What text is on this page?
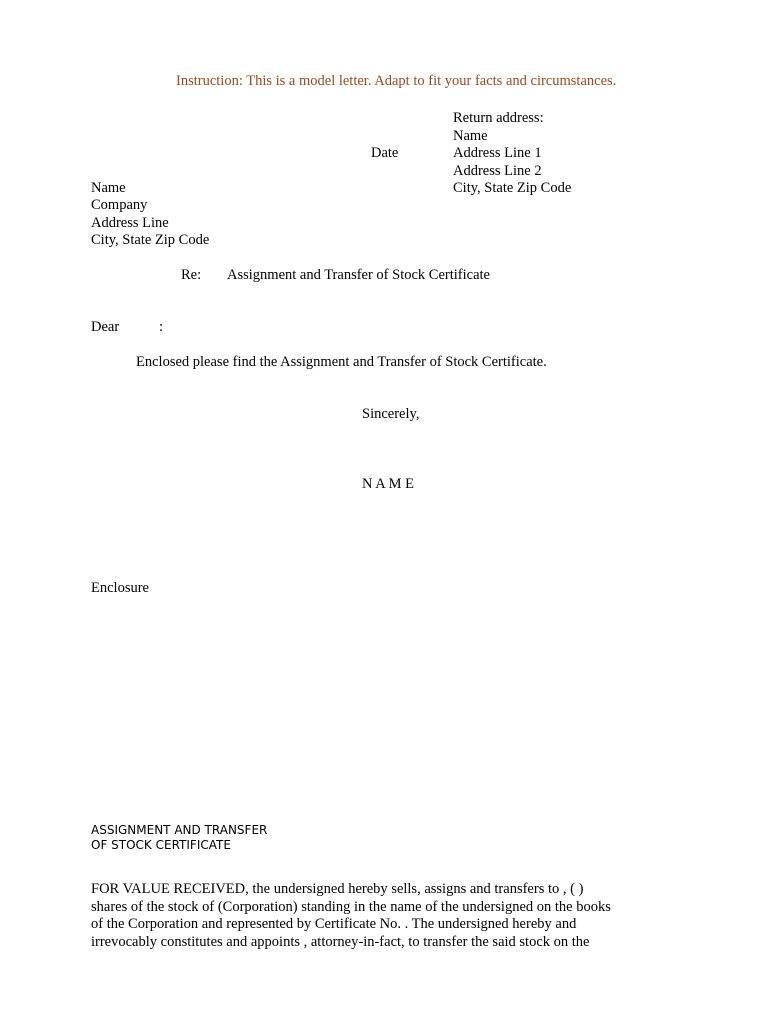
Instruction: This is a model letter. Adapt to fit your facts and circumstances.
Return address:
Name
Address Line 1
Address Line 2
City, State Zip Code
Date
Name
Company
Address Line
City, State Zip Code
Re: Assignment and Transfer of Stock Certificate
Dear	:
Enclosed please find the Assignment and Transfer of Stock Certificate.
Sincerely,
N A M E
Enclosure
ASSIGNMENT AND TRANSFER
OF STOCK CERTIFICATE
FOR VALUE RECEIVED, the undersigned hereby sells, assigns and transfers to , ( )
shares of the stock of (Corporation) standing in the name of the undersigned on the books
of the Corporation and represented by Certificate No. . The undersigned hereby and
irrevocably constitutes and appoints , attorney-in-fact, to transfer the said stock on the
